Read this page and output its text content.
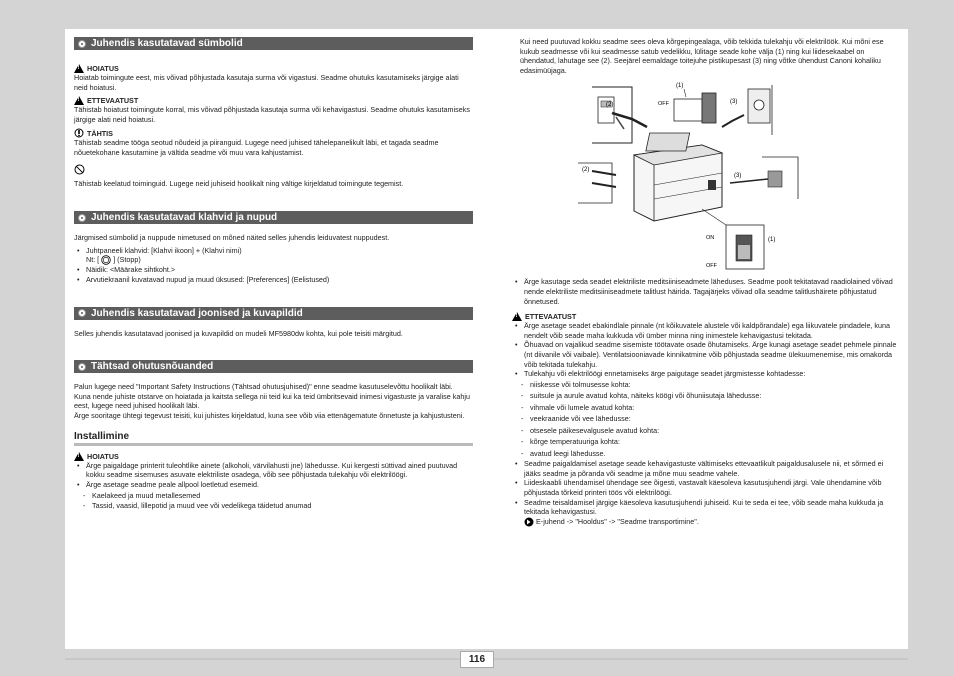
Juhendis kasutatavad sümbolid
!
HOIATUS

Hoiatab toimingute eest, mis võivad põhjustada kasutaja surma või vigastusi. Seadme ohutuks kasutamiseks järgige alati neid hoiatusi.

!
ETTEVAATUST

Tähistab hoiatust toimingute korral, mis võivad põhjustada kasutaja surma või kehavigastusi. Seadme ohutuks kasutamiseks järgige alati neid hoiatusi.

TÄHTIS

Tähistab seadme tööga seotud nõudeid ja piiranguid. Lugege need juhised tähelepanelikult läbi, et tagada seadme nõuetekohane kasutamine ja vältida seadme või muu vara kahjustamist.

Tähistab keelatud toiminguid. Lugege neid juhiseid hoolikalt ning vältige kirjeldatud toimingute tegemist.

Juhendis kasutatavad klahvid ja nupud

Järgmised sümbolid ja nuppude nimetused on mõned näited selles juhendis leiduvatest nuppudest.

• Juhtpaneeli klahvid: [Klahvi ikoon] + (Klahvi nimi)
Nt: [ ] (Stopp)
• Näidik: <Määrake sihtkoht.>
• Arvutiekraanil kuvatavad nupud ja muud üksused: [Preferences] (Eelistused)
Juhendis kasutatavad joonised ja kuvapildid

Selles juhendis kasutatavad joonised ja kuvapildid on mudeli MF5980dw kohta, kui pole teisiti märgitud.

Tähtsad ohutusnõuanded

Palun lugege need "Important Safety Instructions (Tähtsad ohutusjuhised)" enne seadme kasutuselevõttu hoolikalt läbi.

Kuna nende juhiste otstarve on hoiatada ja kaitsta sellega nii teid kui ka teid ümbritsevaid inimesi vigastuste ja varalise kahju eest, lugege need juhised hoolikalt läbi.

Ärge sooritage ühtegi tegevust teisiti, kui juhistes kirjeldatud, kuna see võib viia ettenägematute õnnetuste ja kahjustusteni.

Installimine
!
HOIATUS
• Ärge paigaldage printerit tuleohtlike ainete (alkoholi, värvilahusti jne) lähedusse. Kui kergesti süttivad ained puutuvad kokku seadme sisemuses asuvate elektriliste osadega, võib see põhjustada tulekahju või elektrilöögi.
• Ärge asetage seadme peale allpool loetletud esemeid.
- Kaelakeed ja muud metallesemed
- Tassid, vaasid, lillepotid ja muud vee või vedelikega täidetud anumad

Kui need puutuvad kokku seadme sees oleva kõrgepingealaga, võib tekkida tulekahju või elektrilöök. Kui mõni ese kukub seadmesse või kui seadmesse satub vedelikku, lülitage seade kohe välja (1) ning kui liidesekaabel on ühendatud, lahutage see (2). Seejärel eemaldage toitejuhe pistikupesast (3) ning võtke ühendust Canoni kohaliku edasimüüjaga.

(1)
(2)	OFF	(3)
(2)
(3)
ON	(1)
OFF
• Ärge kasutage seda seadet elektriliste meditsiiniseadmete läheduses. Seadme poolt tekitatavad raadiolained võivad nende elektriliste meditsiiniseadmete talitlust häirida. Tagajärjeks võivad olla seadme talitlushäirete põhjustatud õnnetused.
!
ETTEVAATUST
• Ärge asetage seadet ebakindlale pinnale (nt kõikuvatele alustele või kaldpõrandale) ega liikuvatele pindadele, kuna nendelt võib seade maha kukkuda või ümber minna ning inimestele kehavigastusi tekitada.
• Õhuavad on vajalikud seadme sisemiste töötavate osade õhutamiseks. Ärge kunagi asetage seadet pehmele pinnale (nt diivanile või vaibale). Ventilatsiooniavade kinnikatmine võib põhjustada seadme ülekuumenemise, mis omakorda võib tekitada tulekahju.
• Tulekahju või elektrilöögi ennetamiseks ärge paigutage seadet järgmistesse kohtadesse:
- niiskesse või tolmusesse kohta:
- suitsule ja aurule avatud kohta, näiteks köögi või õhuniisutaja lähedusse:
- vihmale või lumele avatud kohta:
- veekraanide või vee lähedusse:
- otsesele päikesevalgusele avatud kohta:
- kõrge temperatuuriga kohta:
- avatud leegi lähedusse.
• Seadme paigaldamisel asetage seade kehavigastuste vältimiseks ettevaatlikult paigaldusalusele nii, et sõrmed ei jääks seadme ja põranda või seadme ja mõne muu seadme vahele.
• Liideskaabli ühendamisel ühendage see õigesti, vastavalt käesoleva kasutusjuhendi järgi. Vale ühendamine võib põhjustada tõrkeid printeri töös või elektrilöögi.
• Seadme teisaldamisel järgige käesoleva kasutusjuhendi juhiseid. Kui te seda ei tee, võib seade maha kukkuda ja tekitada kehavigastusi.

E-juhend -> "Hooldus" -> "Seadme transportimine".

116
